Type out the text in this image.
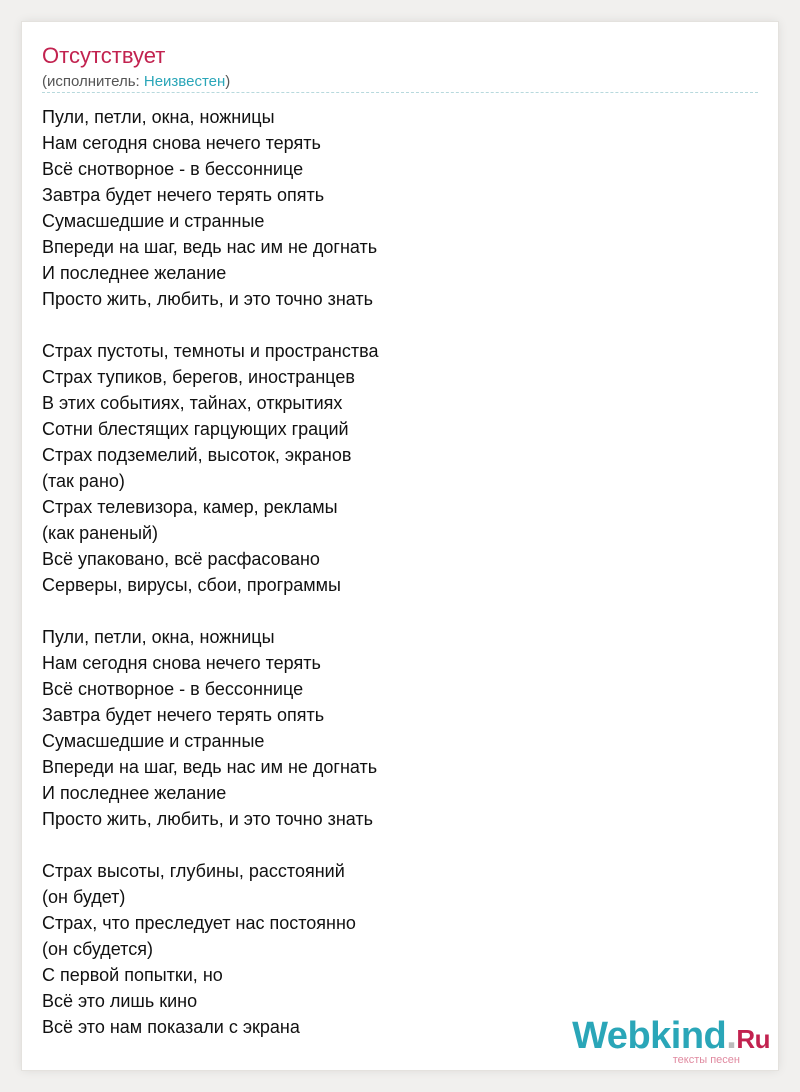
Отсутствует
(исполнитель: Неизвестен)
Пули, петли, окна, ножницы
Нам сегодня снова нечего терять
Всё снотворное - в бессоннице
Завтра будет нечего терять опять
Сумасшедшие и странные
Впереди на шаг, ведь нас им не догнать
И последнее желание
Просто жить, любить, и это точно знать
Страх пустоты, темноты и пространства
Страх тупиков, берегов, иностранцев
В этих событиях, тайнах, открытиях
Сотни блестящих гарцующих граций
Страх подземелий, высоток, экранов
(так рано)
Страх телевизора, камер, рекламы
(как раненый)
Всё упаковано, всё расфасовано
Серверы, вирусы, сбои, программы
Пули, петли, окна, ножницы
Нам сегодня снова нечего терять
Всё снотворное - в бессоннице
Завтра будет нечего терять опять
Сумасшедшие и странные
Впереди на шаг, ведь нас им не догнать
И последнее желание
Просто жить, любить, и это точно знать
Страх высоты, глубины, расстояний
(он будет)
Страх, что преследует нас постоянно
(он сбудется)
С первой попытки, но
Всё это лишь кино
Всё это нам показали с экрана	Webkind.Ru
тексты песен
